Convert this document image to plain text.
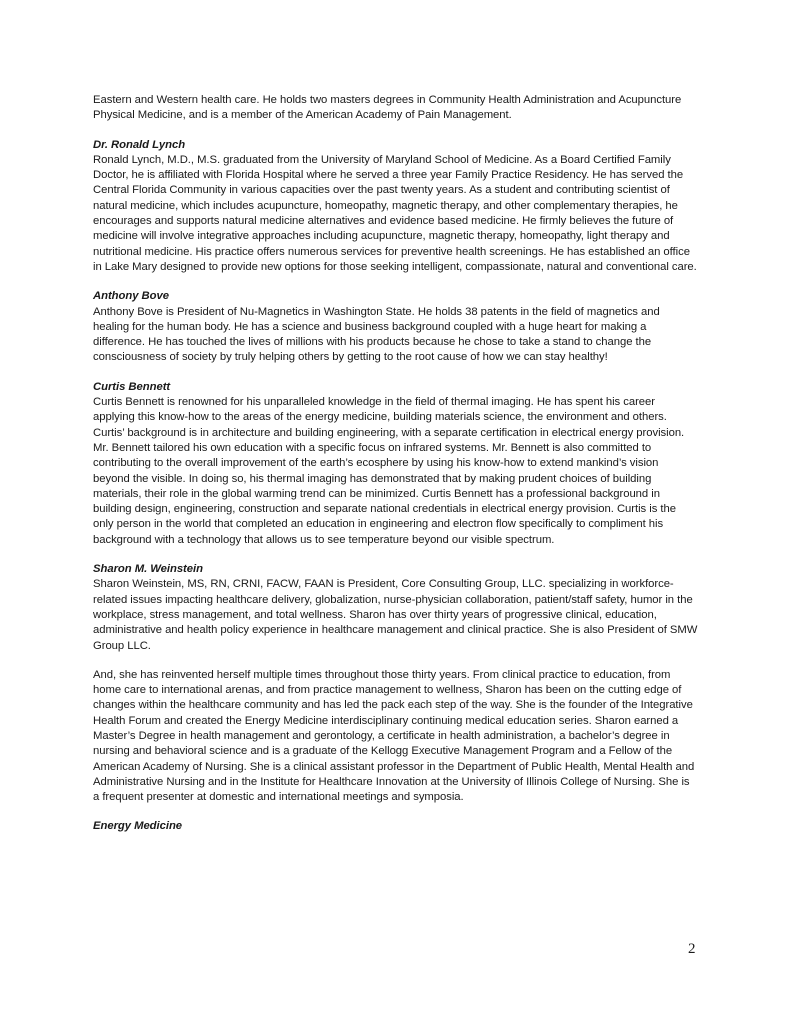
Eastern and Western health care. He holds two masters degrees in Community Health Administration and Acupuncture Physical Medicine, and is a member of the American Academy of Pain Management.

Dr. Ronald Lynch

Ronald Lynch, M.D., M.S. graduated from the University of Maryland School of Medicine. As a Board Certified Family Doctor, he is affiliated with Florida Hospital where he served a three year Family Practice Residency. He has served the Central Florida Community in various capacities over the past twenty years. As a student and contributing scientist of natural medicine, which includes acupuncture, homeopathy, magnetic therapy, and other complementary therapies, he encourages and supports natural medicine alternatives and evidence based medicine. He firmly believes the future of medicine will involve integrative approaches including acupuncture, magnetic therapy, homeopathy, light therapy and nutritional medicine. His practice offers numerous services for preventive health screenings. He has established an office in Lake Mary designed to provide new options for those seeking intelligent, compassionate, natural and conventional care.

Anthony Bove

Anthony Bove is President of Nu-Magnetics in Washington State. He holds 38 patents in the field of magnetics and healing for the human body. He has a science and business background coupled with a huge heart for making a difference. He has touched the lives of millions with his products because he chose to take a stand to change the consciousness of society by truly helping others by getting to the root cause of how we can stay healthy!

Curtis Bennett

Curtis Bennett is renowned for his unparalleled knowledge in the field of thermal imaging. He has spent his career applying this know-how to the areas of the energy medicine, building materials science, the environment and others. Curtis’ background is in architecture and building engineering, with a separate certification in electrical energy provision. Mr. Bennett tailored his own education with a specific focus on infrared systems. Mr. Bennett is also committed to contributing to the overall improvement of the earth’s ecosphere by using his know-how to extend mankind’s vision beyond the visible. In doing so, his thermal imaging has demonstrated that by making prudent choices of building materials, their role in the global warming trend can be minimized. Curtis Bennett has a professional background in building design, engineering, construction and separate national credentials in electrical energy provision. Curtis is the only person in the world that completed an education in engineering and electron flow specifically to compliment his background with a technology that allows us to see temperature beyond our visible spectrum.

Sharon M. Weinstein

Sharon Weinstein, MS, RN, CRNI, FACW, FAAN is President, Core Consulting Group, LLC. specializing in workforce-related issues impacting healthcare delivery, globalization, nurse-physician collaboration, patient/staff safety, humor in the workplace, stress management, and total wellness. Sharon has over thirty years of progressive clinical, education, administrative and health policy experience in healthcare management and clinical practice. She is also President of SMW Group LLC.

And, she has reinvented herself multiple times throughout those thirty years. From clinical practice to education, from home care to international arenas, and from practice management to wellness, Sharon has been on the cutting edge of changes within the healthcare community and has led the pack each step of the way. She is the founder of the Integrative Health Forum and created the Energy Medicine interdisciplinary continuing medical education series. Sharon earned a Master’s Degree in health management and gerontology, a certificate in health administration, a bachelor’s degree in nursing and behavioral science and is a graduate of the Kellogg Executive Management Program and a Fellow of the American Academy of Nursing. She is a clinical assistant professor in the Department of Public Health, Mental Health and Administrative Nursing and in the Institute for Healthcare Innovation at the University of Illinois College of Nursing. She is a frequent presenter at domestic and international meetings and symposia.

Energy Medicine

2
